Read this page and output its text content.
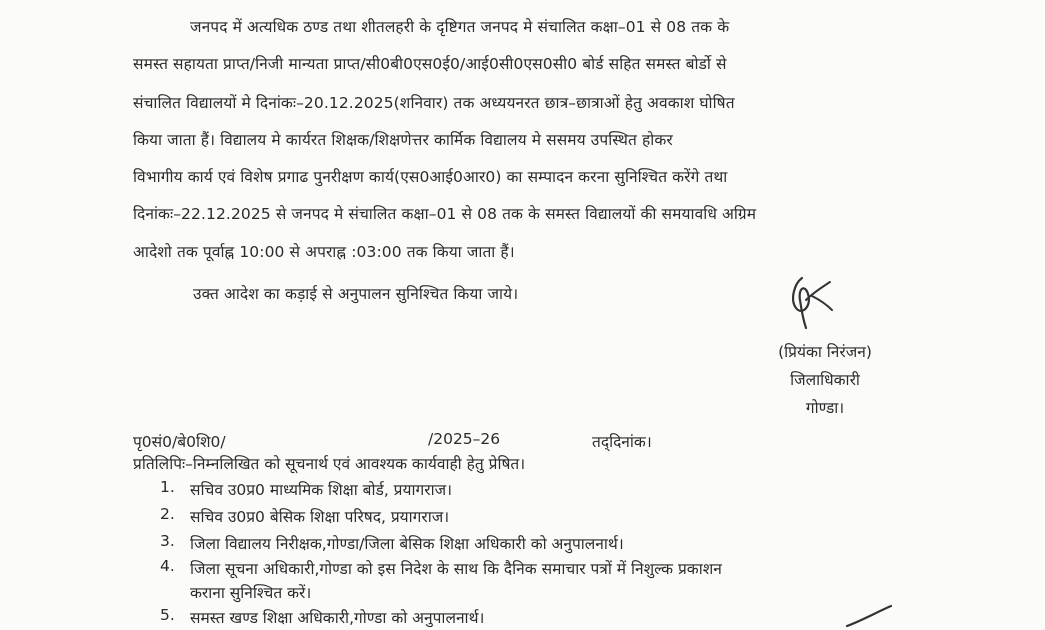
जनपद में अत्यधिक ठण्ड तथा शीतलहरी के दृष्टिगत जनपद मे संचालित कक्षा–01 से 08 तक के
समस्त सहायता प्राप्त/निजी मान्यता प्राप्त/सी0बी0एस0ई0/आई0सी0एस0सी0 बोर्ड सहित समस्त बोर्डो से
संचालित विद्यालयों मे दिनांकः–20.12.2025(शनिवार) तक अध्ययनरत छात्र–छात्राओं हेतु अवकाश घोषित
किया जाता हैं। विद्यालय मे कार्यरत शिक्षक/शिक्षणेत्तर कार्मिक विद्यालय मे ससमय उपस्थित होकर
विभागीय कार्य एवं विशेष प्रगाढ पुनरीक्षण कार्य(एस0आई0आर0) का सम्पादन करना सुनिश्चित करेंगे तथा
दिनांकः–22.12.2025 से जनपद मे संचालित कक्षा–01 से 08 तक के समस्त विद्यालयों की समयावधि अग्रिम
आदेशो तक पूर्वाह्न 10:00 से अपराह्न :03:00 तक किया जाता हैं।
उक्त आदेश का कड़ाई से अनुपालन सुनिश्चित किया जाये।
(प्रियंका निरंजन)
जिलाधिकारी
गोण्डा।
पृ0सं0/बे0शि0/	/2025–26	तद्‌दिनांक।
प्रतिलिपिः–निम्नलिखित को सूचनार्थ एवं आवश्यक कार्यवाही हेतु प्रेषित।
1. सचिव उ0प्र0 माध्यमिक शिक्षा बोर्ड, प्रयागराज।
2. सचिव उ0प्र0 बेसिक शिक्षा परिषद, प्रयागराज।
3. जिला विद्यालय निरीक्षक,गोण्डा/जिला बेसिक शिक्षा अधिकारी को अनुपालनार्थ।
4. जिला सूचना अधिकारी,गोण्डा को इस निदेश के साथ कि दैनिक समाचार पत्रों में निशुल्क प्रकाशन
कराना सुनिश्चित करें।
5. समस्त खण्ड शिक्षा अधिकारी,गोण्डा को अनुपालनार्थ।
